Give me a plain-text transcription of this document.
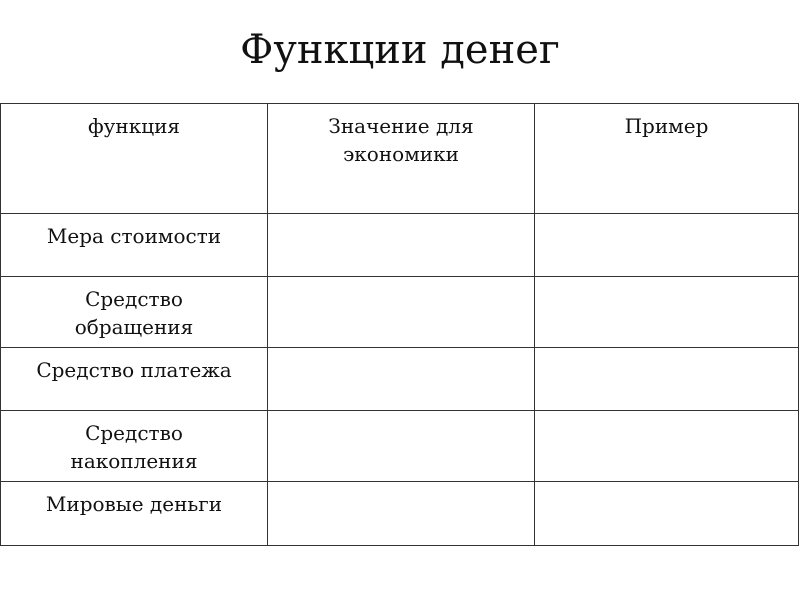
Функции денег
функция	Значение для экономики	Пример
Мера стоимости		
Средство обращения		
Средство платежа		
Средство накопления		
Мировые деньги		
